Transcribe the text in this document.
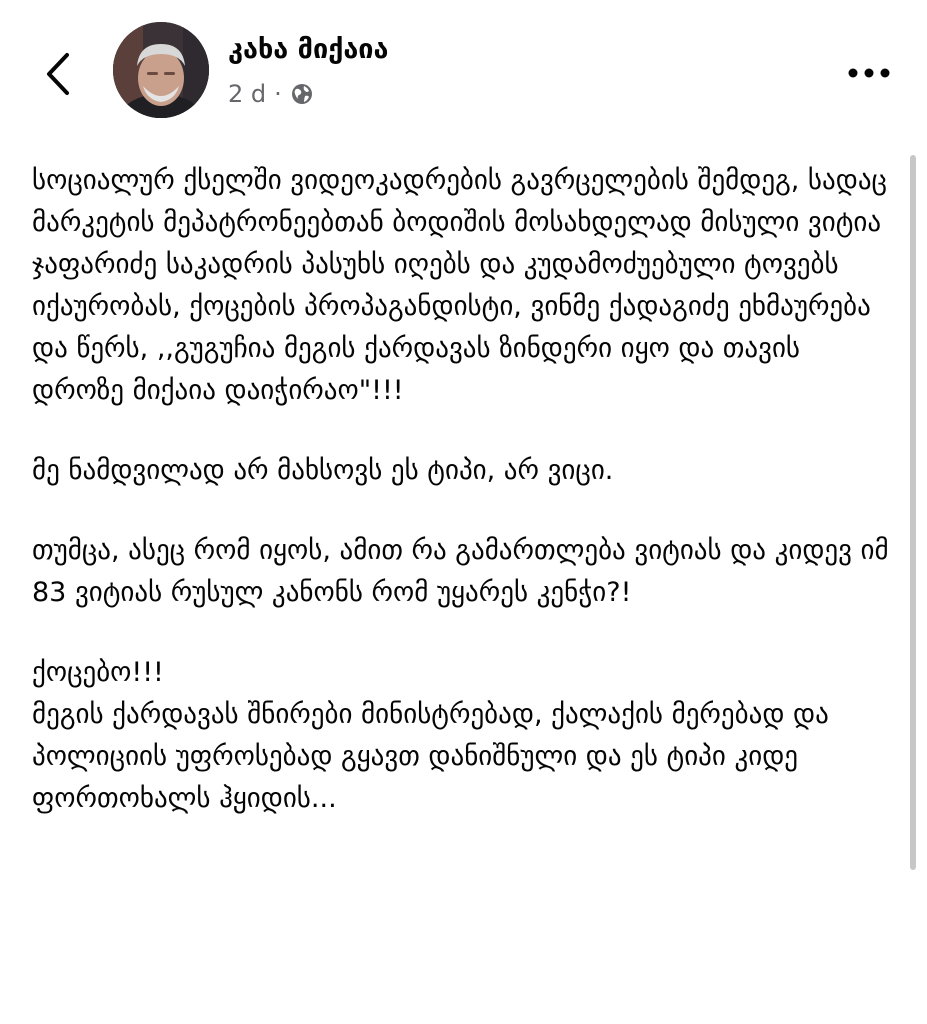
კახა მიქაია
2 d ·

სოციალურ ქსელში ვიდეოკადრების გავრცელების შემდეგ, სადაც მარკეტის მეპატრონეებთან ბოდიშის მოსახდელად მისული ვიტია ჯაფარიძე საკადრის პასუხს იღებს და კუდამოძუებული ტოვებს იქაურობას, ქოცების პროპაგანდისტი, ვინმე ქადაგიძე ეხმაურება და წერს, ,,გუგუჩია მეგის ქარდავას ზინდერი იყო და თავის დროზე მიქაია დაიჭირაო"!!!

მე ნამდვილად არ მახსოვს ეს ტიპი, არ ვიცი.

თუმცა, ასეც რომ იყოს, ამით რა გამართლება ვიტიას და კიდევ იმ 83 ვიტიას რუსულ კანონს რომ უყარეს კენჭი?!

ქოცებო!!!
მეგის ქარდავას შნირები მინისტრებად, ქალაქის მერებად და პოლიციის უფროსებად გყავთ დანიშნული და ეს ტიპი კიდე ფორთოხალს ჰყიდის...
